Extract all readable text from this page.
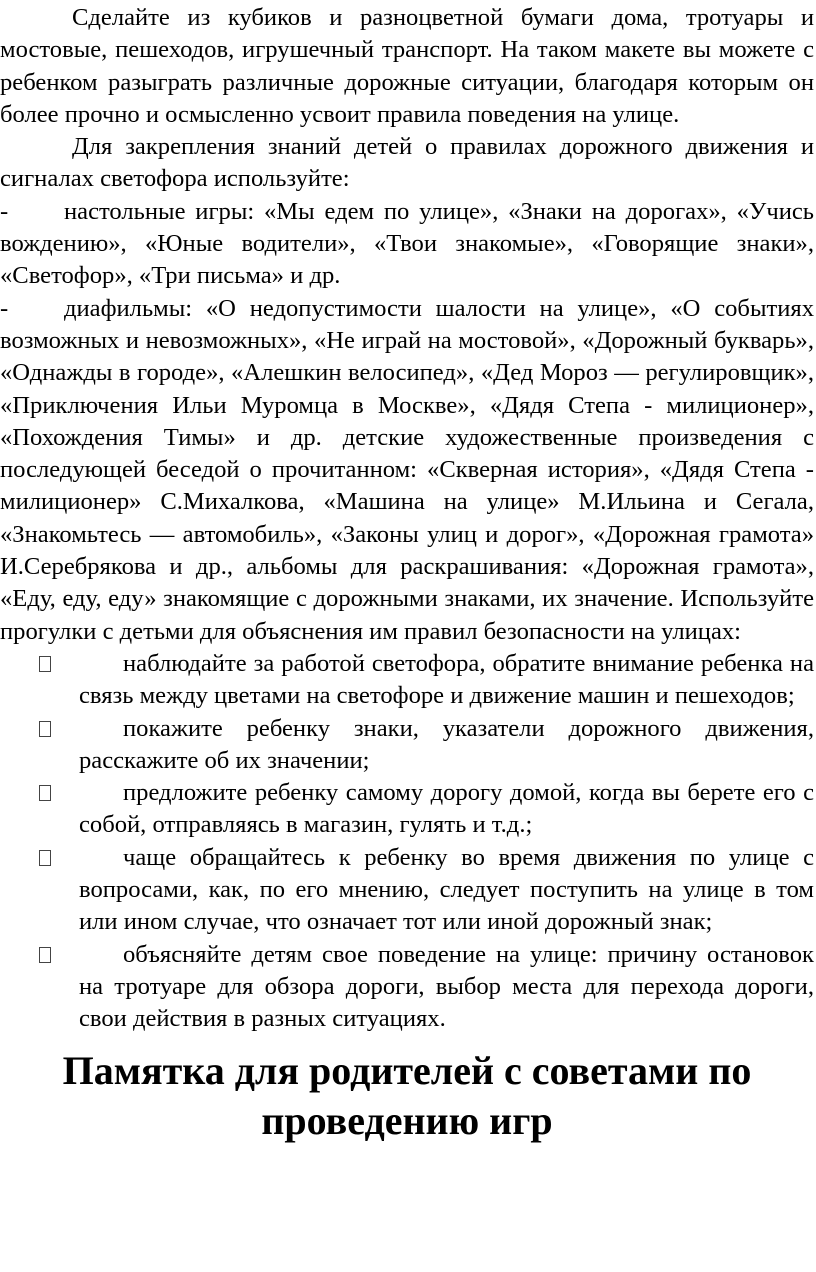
Сделайте из кубиков и разноцветной бумаги дома, тротуары и мостовые, пешеходов, игрушечный транспорт. На таком макете вы можете с ребенком разыграть различные дорожные ситуации, благодаря которым он более прочно и осмысленно усвоит правила поведения на улице.

Для закрепления знаний детей о правилах дорожного движения и сигналах светофора используйте:

- настольные игры: «Мы едем по улице», «Знаки на дорогах», «Учись вождению», «Юные водители», «Твои знакомые», «Говорящие знаки», «Светофор», «Три письма» и др.

- диафильмы: «О недопустимости шалости на улице», «О событиях возможных и невозможных», «Не играй на мостовой», «Дорожный букварь», «Однажды в городе», «Алешкин велосипед», «Дед Мороз — регулировщик», «Приключения Ильи Муромца в Москве», «Дядя Степа - милиционер», «Похождения Тимы» и др. детские художественные произведения с последующей беседой о прочитанном: «Скверная история», «Дядя Степа - милиционер» С.Михалкова, «Машина на улице» М.Ильина и Сегала, «Знакомьтесь — автомобиль», «Законы улиц и дорог», «Дорожная грамота» И.Серебрякова и др., альбомы для раскрашивания: «Дорожная грамота», «Еду, еду, еду» знакомящие с дорожными знаками, их значение. Используйте прогулки с детьми для объяснения им правил безопасности на улицах:

наблюдайте за работой светофора, обратите внимание ребенка на связь между цветами на светофоре и движение машин и пешеходов;
покажите ребенку знаки, указатели дорожного движения, расскажите об их значении;
предложите ребенку самому дорогу домой, когда вы берете его с собой, отправляясь в магазин, гулять и т.д.;
чаще обращайтесь к ребенку во время движения по улице с вопросами, как, по его мнению, следует поступить на улице в том или ином случае, что означает тот или иной дорожный знак;
объясняйте детям свое поведение на улице: причину остановок на тротуаре для обзора дороги, выбор места для перехода дороги, свои действия в разных ситуациях.
Памятка для родителей с советами по проведению игр
